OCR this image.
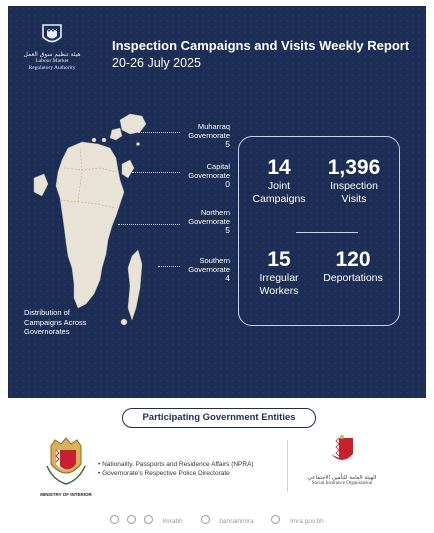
هيئة تنظيم سوق العمل
Labour Market
Regulatory Authority
Inspection Campaigns and Visits Weekly Report
20-26 July 2025
Muharraq
Governorate
5
Capital
Governorate
0
Northern
Governorate
5
Southern
Governorate
4
Distribution of Campaigns Across Governorates
14
Joint
Campaigns
1,396
Inspection
Visits
15
Irregular
Workers
120
Deportations
Participating Government Entities
MINISTRY OF INTERIOR
• Nationality, Passports and Residence Affairs (NPRA)
• Governorate's Respective Police Directorate
الهيئة العامة للتأمين الاجتماعي
Social Insurance Organization
lmrabh	bahrainlmra	lmra.gov.bh
